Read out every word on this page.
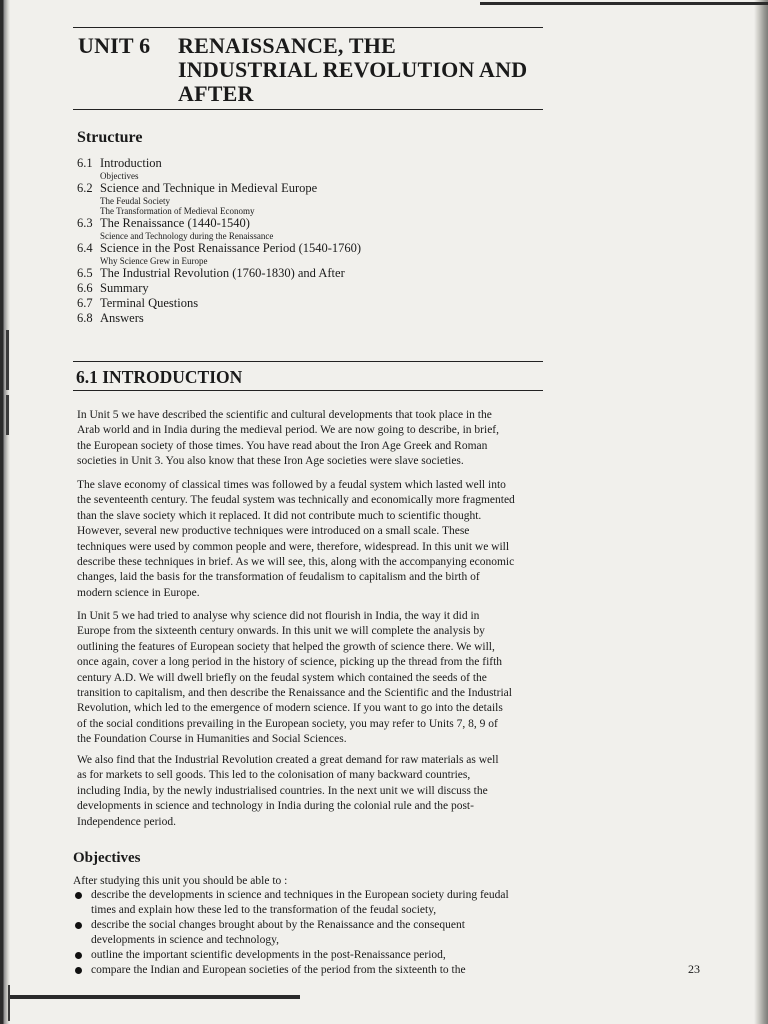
UNIT 6 RENAISSANCE, THE
INDUSTRIAL REVOLUTION AND
AFTER
Structure
6.1 Introduction
Objectives
6.2 Science and Technique in Medieval Europe
The Feudal Society
The Transformation of Medieval Economy
6.3 The Renaissance (1440-1540)
Science and Technology during the Renaissance
6.4 Science in the Post Renaissance Period (1540-1760)
Why Science Grew in Europe
6.5 The Industrial Revolution (1760-1830) and After
6.6 Summary
6.7 Terminal Questions
6.8 Answers
6.1 INTRODUCTION
In Unit 5 we have described the scientific and cultural developments that took place in the
Arab world and in India during the medieval period. We are now going to describe, in brief,
the European society of those times. You have read about the Iron Age Greek and Roman
societies in Unit 3. You also know that these Iron Age societies were slave societies.
The slave economy of classical times was followed by a feudal system which lasted well into
the seventeenth century. The feudal system was technically and economically more fragmented
than the slave society which it replaced. It did not contribute much to scientific thought.
However, several new productive techniques were introduced on a small scale. These
techniques were used by common people and were, therefore, widespread. In this unit we will
describe these techniques in brief. As we will see, this, along with the accompanying economic
changes, laid the basis for the transformation of feudalism to capitalism and the birth of
modern science in Europe.
In Unit 5 we had tried to analyse why science did not flourish in India, the way it did in
Europe from the sixteenth century onwards. In this unit we will complete the analysis by
outlining the features of European society that helped the growth of science there. We will,
once again, cover a long period in the history of science, picking up the thread from the fifth
century A.D. We will dwell briefly on the feudal system which contained the seeds of the
transition to capitalism, and then describe the Renaissance and the Scientific and the Industrial
Revolution, which led to the emergence of modern science. If you want to go into the details
of the social conditions prevailing in the European society, you may refer to Units 7, 8, 9 of
the Foundation Course in Humanities and Social Sciences.
We also find that the Industrial Revolution created a great demand for raw materials as well
as for markets to sell goods. This led to the colonisation of many backward countries,
including India, by the newly industrialised countries. In the next unit we will discuss the
developments in science and technology in India during the colonial rule and the post-
Independence period.
Objectives
After studying this unit you should be able to :
describe the developments in science and techniques in the European society during feudal
times and explain how these led to the transformation of the feudal society,
describe the social changes brought about by the Renaissance and the consequent
developments in science and technology,
outline the important scientific developments in the post-Renaissance period,
compare the Indian and European societies of the period from the sixteenth to the	23
